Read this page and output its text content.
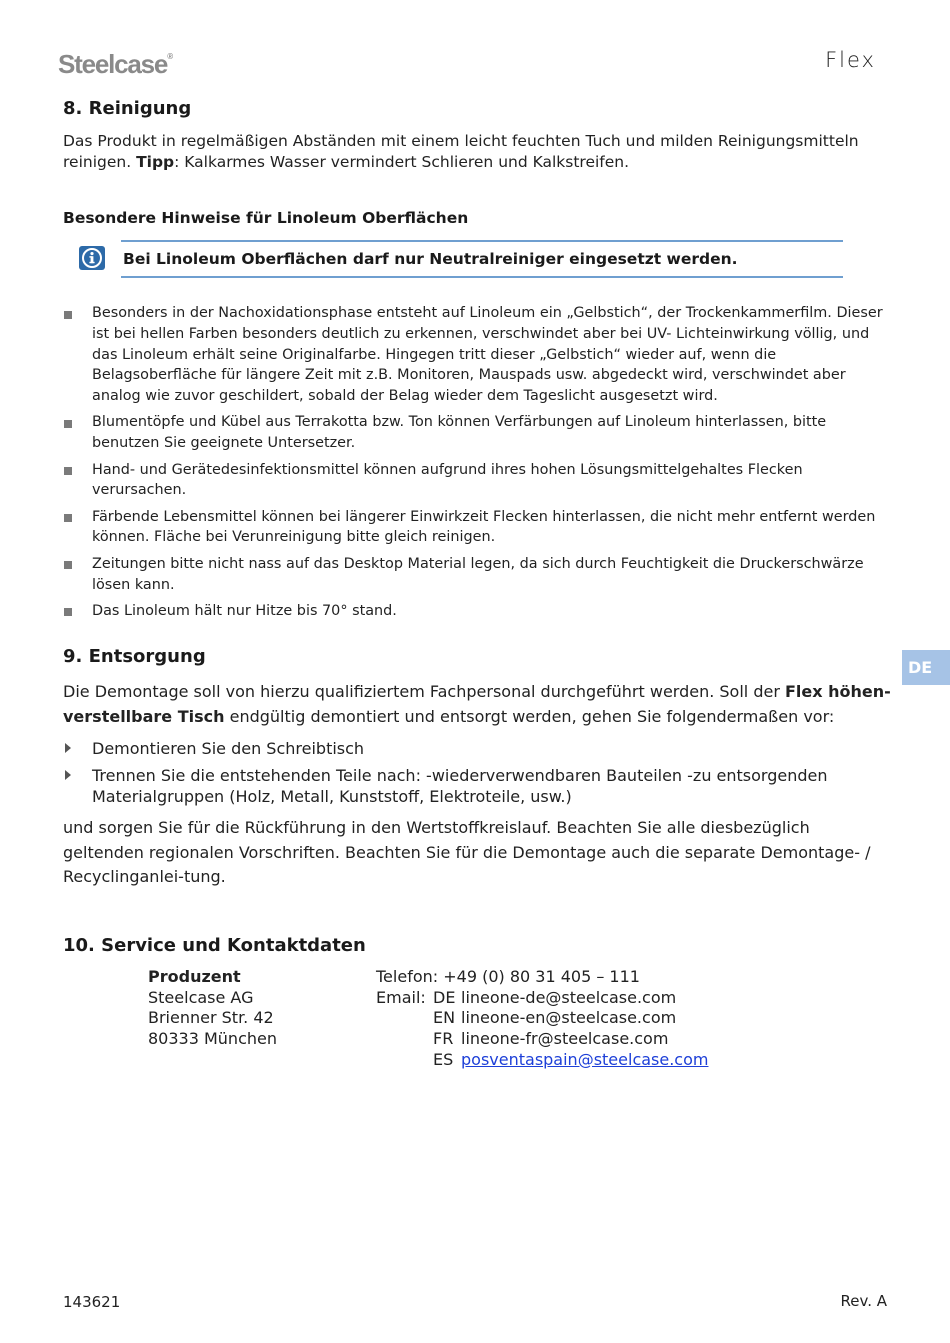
Steelcase®	Flex
8. Reinigung
Das Produkt in regelmäßigen Abständen mit einem leicht feuchten Tuch und milden Reinigungsmitteln reinigen. Tipp: Kalkarmes Wasser vermindert Schlieren und Kalkstreifen.
Besondere Hinweise für Linoleum Oberflächen
Bei Linoleum Oberflächen darf nur Neutralreiniger eingesetzt werden.
Besonders in der Nachoxidationsphase entsteht auf Linoleum ein „Gelbstich“, der Trockenkammerfilm. Dieser ist bei hellen Farben besonders deutlich zu erkennen, verschwindet aber bei UV- Lichteinwirkung völlig, und das Linoleum erhält seine Originalfarbe. Hingegen tritt dieser „Gelbstich“ wieder auf, wenn die Belagsoberfläche für längere Zeit mit z.B. Monitoren, Mauspads usw. abgedeckt wird, verschwindet aber analog wie zuvor geschildert, sobald der Belag wieder dem Tageslicht ausgesetzt wird.
Blumentöpfe und Kübel aus Terrakotta bzw. Ton können Verfärbungen auf Linoleum hinterlassen, bitte benutzen Sie geeignete Untersetzer.
Hand- und Gerätedesinfektionsmittel können aufgrund ihres hohen Lösungsmittelgehaltes Flecken verursachen.
Färbende Lebensmittel können bei längerer Einwirkzeit Flecken hinterlassen, die nicht mehr entfernt werden können. Fläche bei Verunreinigung bitte gleich reinigen.
Zeitungen bitte nicht nass auf das Desktop Material legen, da sich durch Feuchtigkeit die Druckerschwärze lösen kann.
Das Linoleum hält nur Hitze bis 70° stand.
9. Entsorgung
Die Demontage soll von hierzu qualifiziertem Fachpersonal durchgeführt werden. Soll der Flex höhen-verstellbare Tisch endgültig demontiert und entsorgt werden, gehen Sie folgendermaßen vor:
Demontieren Sie den Schreibtisch
Trennen Sie die entstehenden Teile nach: -wiederverwendbaren Bauteilen -zu entsorgenden Materialgruppen (Holz, Metall, Kunststoff, Elektroteile, usw.)
und sorgen Sie für die Rückführung in den Wertstoffkreislauf. Beachten Sie alle diesbezüglich geltenden regionalen Vorschriften. Beachten Sie für die Demontage auch die separate Demontage- / Recyclinganlei-tung.
DE
10. Service und Kontaktdaten
Produzent
Steelcase AG
Brienner Str. 42
80333 München
Telefon: +49 (0) 80 31 405 – 111
Email: DE lineone-de@steelcase.com
EN lineone-en@steelcase.com
FR lineone-fr@steelcase.com
ES posventaspain@steelcase.com
143621	Rev. A
